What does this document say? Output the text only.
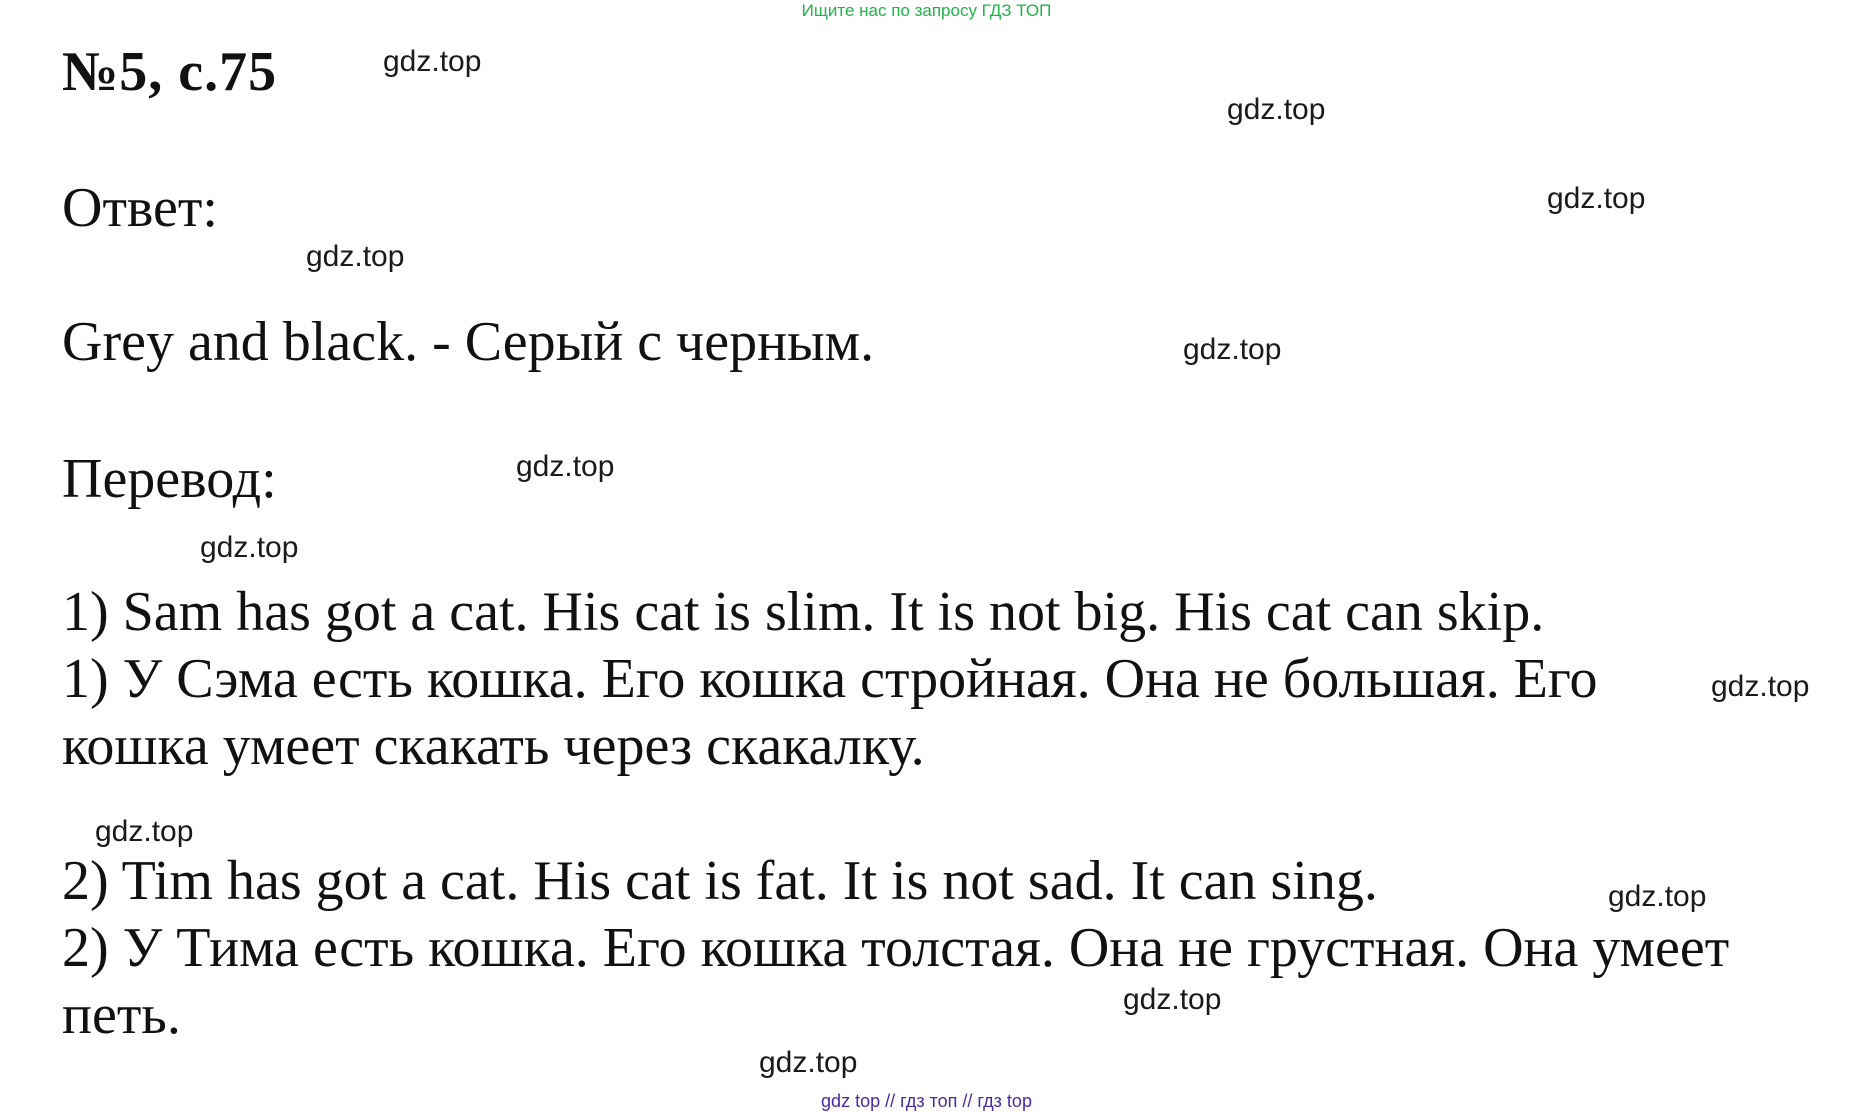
Ищите нас по запросу ГДЗ ТОП
№5, с.75
Ответ:
Grey and black. - Серый с черным.
Перевод:
1) Sam has got a cat. His cat is slim. It is not big. His cat can skip.
1) У Сэма есть кошка. Его кошка стройная. Она не большая. Его
кошка умеет скакать через скакалку.
2) Tim has got a cat. His cat is fat. It is not sad. It can sing.
2) У Тима есть кошка. Его кошка толстая. Она не грустная. Она умеет
петь.
gdz.top
gdz.top
gdz.top
gdz.top
gdz.top
gdz.top
gdz.top
gdz.top
gdz.top
gdz.top
gdz.top
gdz.top
gdz top // гдз топ // гдз top
